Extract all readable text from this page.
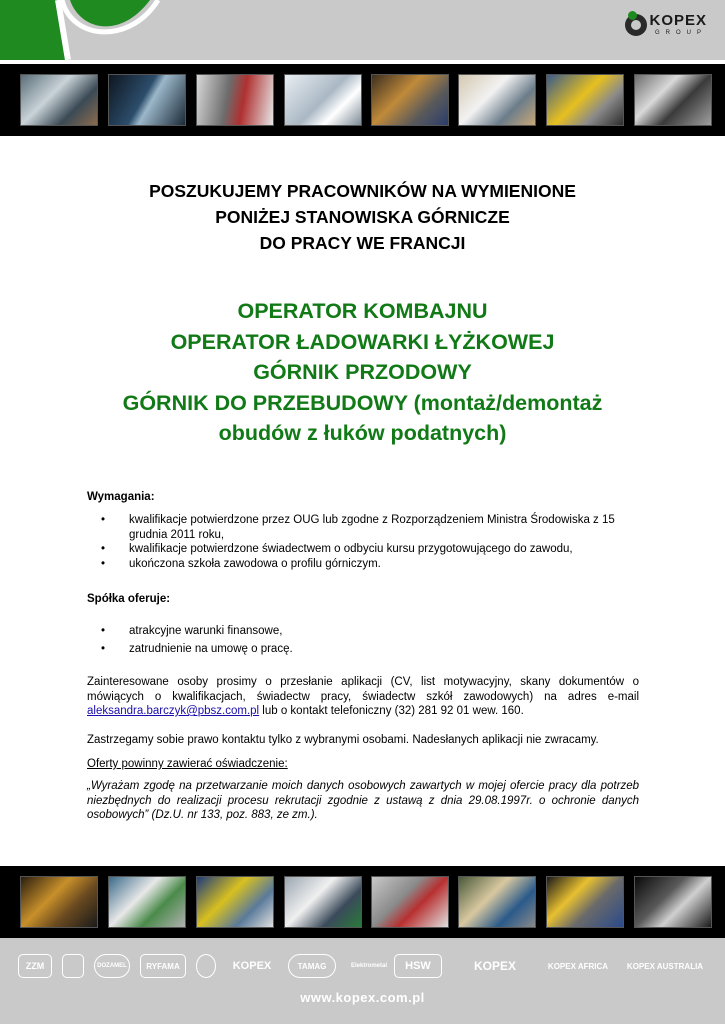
KOPEX
GROUP
POSZUKUJEMY PRACOWNIKÓW NA WYMIENIONE
PONIŻEJ STANOWISKA GÓRNICZE
DO PRACY WE FRANCJI
OPERATOR KOMBAJNU
OPERATOR ŁADOWARKI ŁYŻKOWEJ
GÓRNIK PRZODOWY
GÓRNIK DO PRZEBUDOWY (montaż/demontaż
obudów z łuków podatnych)
Wymagania:
• kwalifikacje potwierdzone przez OUG lub zgodne z Rozporządzeniem Ministra Środowiska z 15 grudnia 2011 roku,
• kwalifikacje potwierdzone świadectwem o odbyciu kursu przygotowującego do zawodu,
• ukończona szkoła zawodowa o profilu górniczym.
Spółka oferuje:
• atrakcyjne warunki finansowe,
• zatrudnienie na umowę o pracę.
Zainteresowane osoby prosimy o przesłanie aplikacji (CV, list motywacyjny, skany dokumentów o mówiących o kwalifikacjach, świadectw pracy, świadectw szkół zawodowych) na adres e-mail aleksandra.barczyk@pbsz.com.pl lub o kontakt telefoniczny (32) 281 92 01 wew. 160.
Zastrzegamy sobie prawo kontaktu tylko z wybranymi osobami. Nadesłanych aplikacji nie zwracamy.
Oferty powinny zawierać oświadczenie:
„Wyrażam zgodę na przetwarzanie moich danych osobowych zawartych w mojej ofercie pracy dla potrzeb niezbędnych do realizacji procesu rekrutacji zgodnie z ustawą z dnia 29.08.1997r. o ochronie danych osobowych” (Dz.U. nr 133, poz. 883, ze zm.).
ZZM	DOZAMEL	RYFAMA	KOPEX	TAMAG	Elektrometal	HSW	KOPEX	KOPEX AFRICA	KOPEX AUSTRALIA
www.kopex.com.pl
